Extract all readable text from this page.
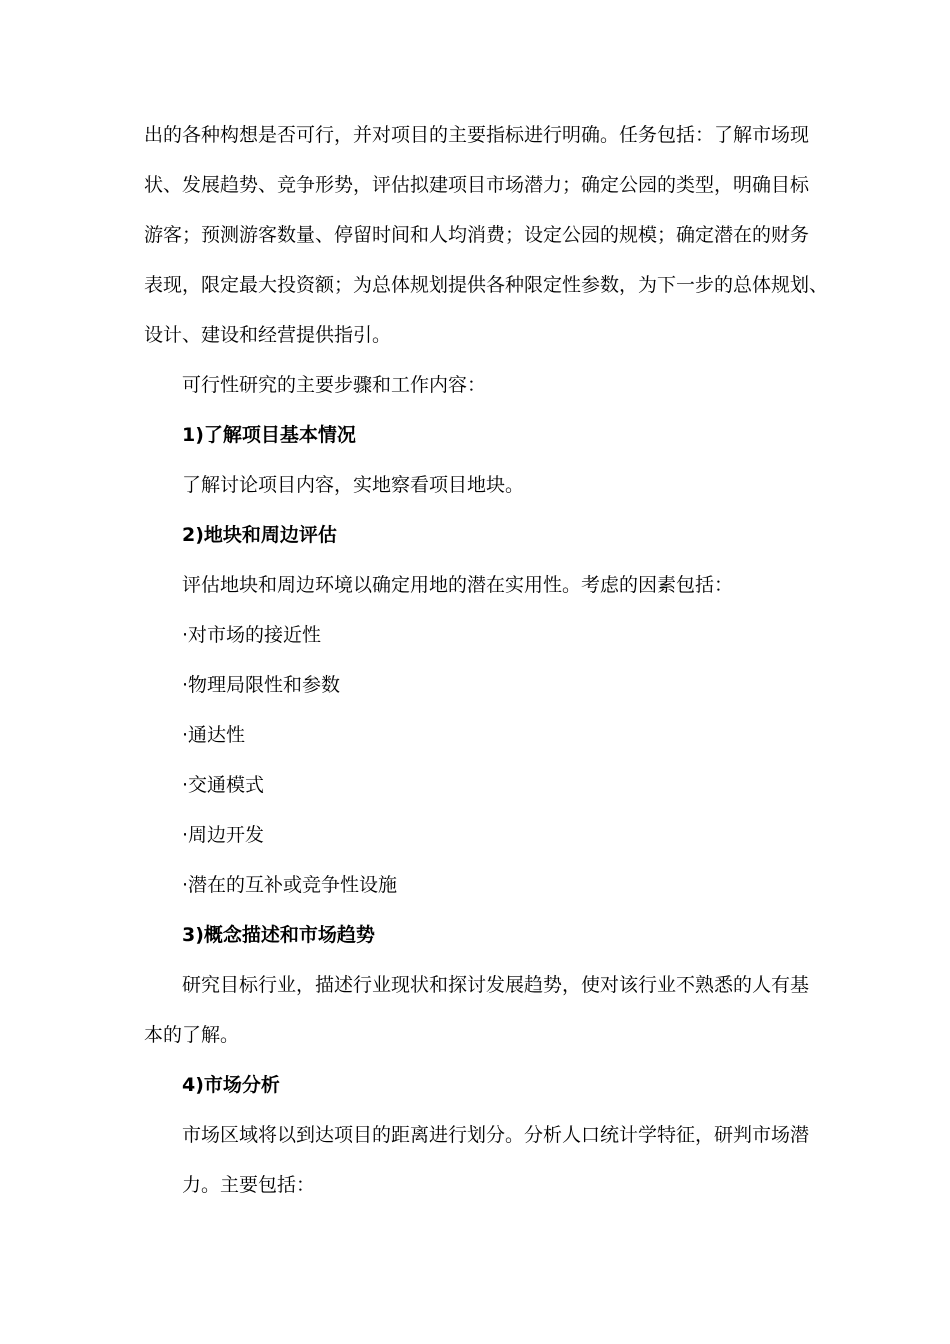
出的各种构想是否可行，并对项目的主要指标进行明确。任务包括：了解市场现

状、发展趋势、竞争形势，评估拟建项目市场潜力；确定公园的类型，明确目标

游客；预测游客数量、停留时间和人均消费；设定公园的规模；确定潜在的财务

表现，限定最大投资额；为总体规划提供各种限定性参数，为下一步的总体规划、

设计、建设和经营提供指引。

可行性研究的主要步骤和工作内容：

1)了解项目基本情况

了解讨论项目内容，实地察看项目地块。

2)地块和周边评估

评估地块和周边环境以确定用地的潜在实用性。考虑的因素包括：

·对市场的接近性

·物理局限性和参数

·通达性

·交通模式

·周边开发

·潜在的互补或竞争性设施

3)概念描述和市场趋势

研究目标行业，描述行业现状和探讨发展趋势，使对该行业不熟悉的人有基

本的了解。

4)市场分析

市场区域将以到达项目的距离进行划分。分析人口统计学特征，研判市场潜

力。主要包括：
